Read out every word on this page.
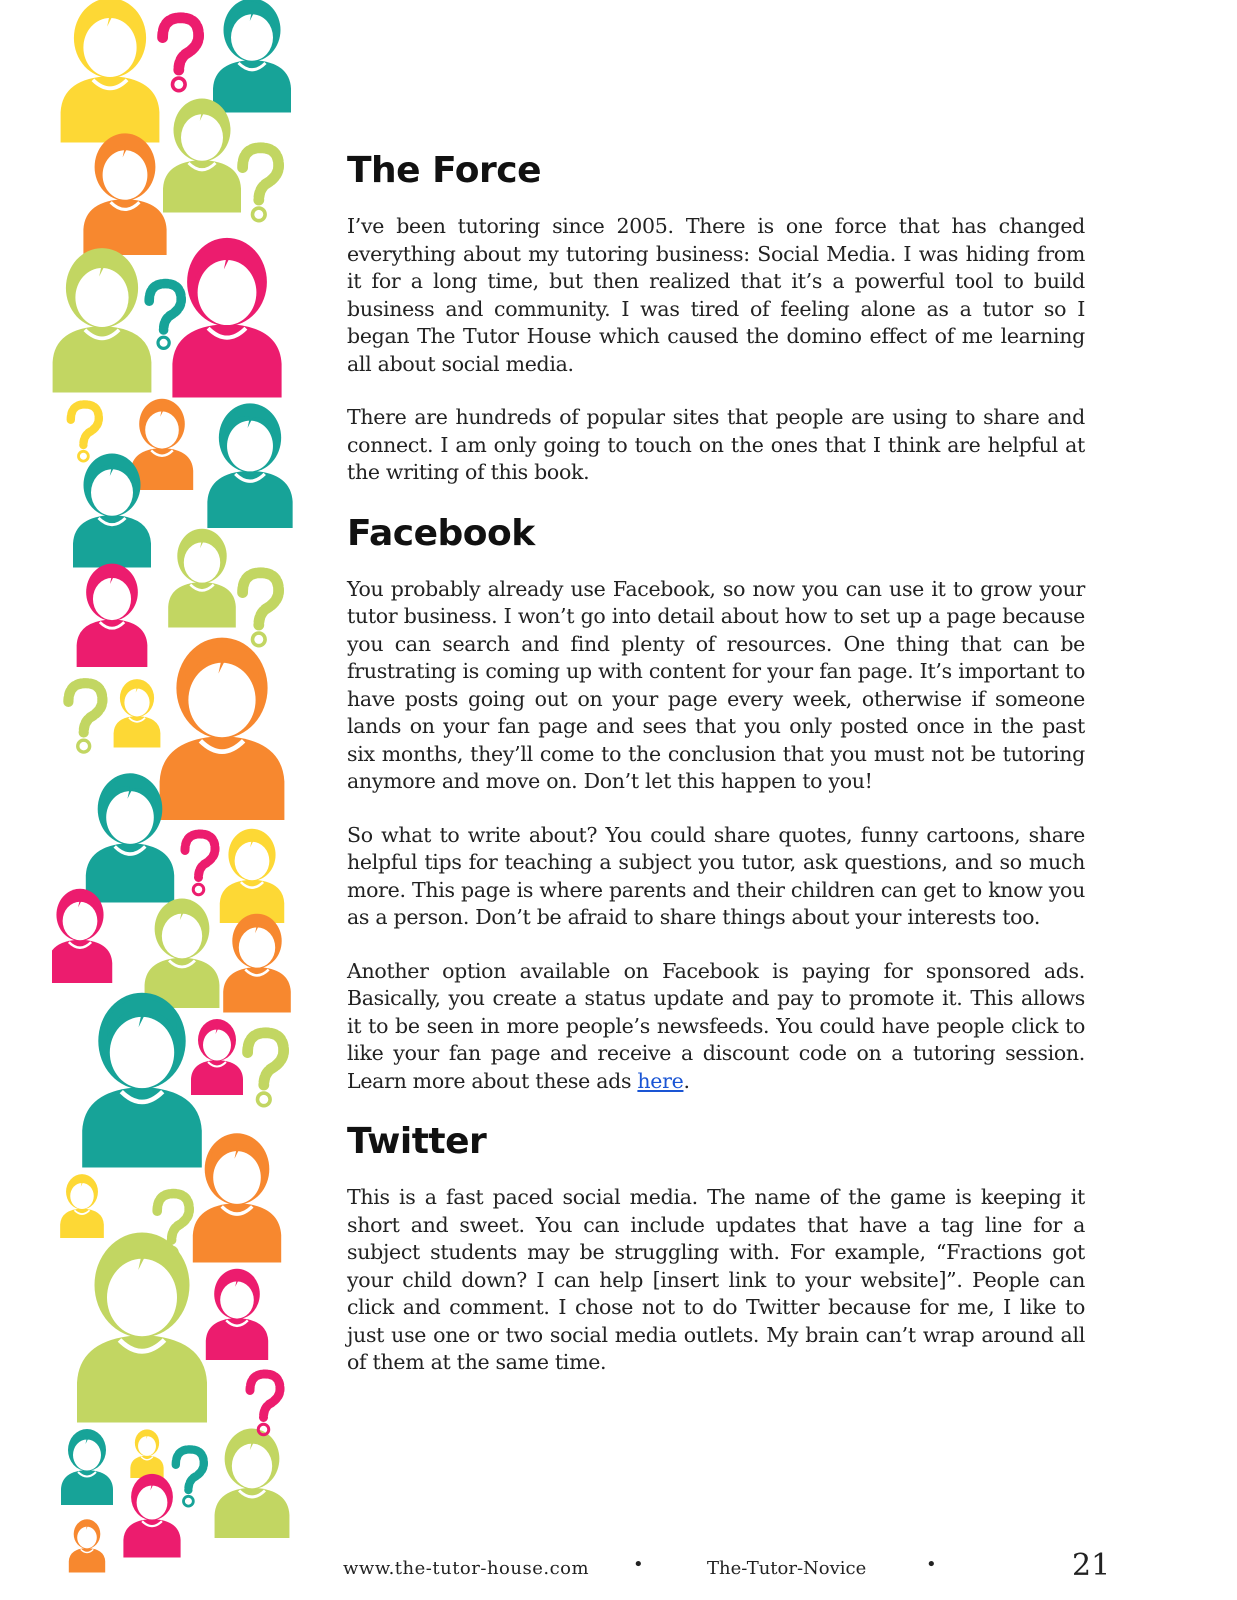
The Force

I’ve been tutoring since 2005. There is one force that has changed everything about my tutoring business: Social Media. I was hiding from it for a long time, but then realized that it’s a powerful tool to build business and community. I was tired of feeling alone as a tutor so I began The Tutor House which caused the domino effect of me learning all about social media.

There are hundreds of popular sites that people are using to share and connect. I am only going to touch on the ones that I think are helpful at the writing of this book.

Facebook

You probably already use Facebook, so now you can use it to grow your tutor business. I won’t go into detail about how to set up a page because you can search and find plenty of resources. One thing that can be frustrating is coming up with content for your fan page. It’s important to have posts going out on your page every week, otherwise if someone lands on your fan page and sees that you only posted once in the past six months, they’ll come to the conclusion that you must not be tutoring anymore and move on. Don’t let this happen to you!

So what to write about? You could share quotes, funny cartoons, share helpful tips for teaching a subject you tutor, ask questions, and so much more. This page is where parents and their children can get to know you as a person. Don’t be afraid to share things about your interests too.

Another option available on Facebook is paying for sponsored ads. Basically, you create a status update and pay to promote it. This allows it to be seen in more people’s newsfeeds. You could have people click to like your fan page and receive a discount code on a tutoring session. Learn more about these ads here.

Twitter

This is a fast paced social media. The name of the game is keeping it short and sweet. You can include updates that have a tag line for a subject students may be struggling with. For example, “Fractions got your child down? I can help [insert link to your website]”. People can click and comment. I chose not to do Twitter because for me, I like to just use one or two social media outlets. My brain can’t wrap around all of them at the same time.

www.the-tutor-house.com •	The-Tutor-Novice	•	21
